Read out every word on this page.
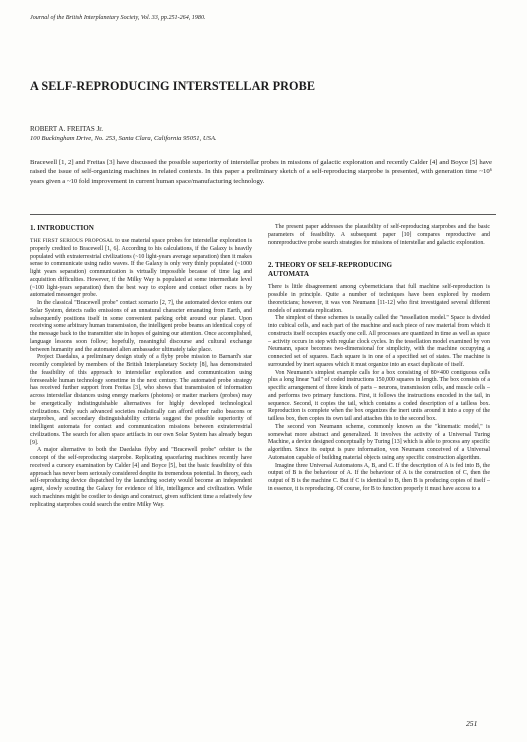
Journal of the British Interplanetary Society, Vol. 33, pp.251-264, 1980.
A SELF-REPRODUCING INTERSTELLAR PROBE
ROBERT A. FREITAS Jr.
100 Buckingham Drive, No. 253, Santa Clara, California 95051, USA.
Bracewell [1, 2] and Freitas [3] have discussed the possible superiority of interstellar probes in missions of galactic exploration and recently Calder [4] and Boyce [5] have raised the issue of self-organizing machines in related contexts. In this paper a preliminary sketch of a self-reproducing starprobe is presented, with generation time ~10⁶ years given a ~10 fold improvement in current human space/manufacturing technology.
1. INTRODUCTION

THE FIRST SERIOUS PROPOSAL to use material space probes for interstellar exploration is properly credited to Bracewell [1, 6]. According to his calculations, if the Galaxy is heavily populated with extraterrestrial civilizations (~10 light-years average separation) then it makes sense to communicate using radio waves. If the Galaxy is only very thinly populated (~1000 light years separation) communication is virtually impossible because of time lag and acquisition difficulties. However, if the Milky Way is populated at some intermediate level (~100 light-years separation) then the best way to explore and contact other races is by automated messenger probe.

In the classical "Bracewell probe" contact scenario [2, 7], the automated device enters our Solar System, detects radio emissions of an unnatural character emanating from Earth, and subsequently positions itself in some convenient parking orbit around our planet. Upon receiving some arbitrary human transmission, the intelligent probe beams an identical copy of the message back to the transmitter site in hopes of gaining our attention. Once accomplished, language lessons soon follow; hopefully, meaningful discourse and cultural exchange between humanity and the automated alien ambassador ultimately take place.

Project Daedalus, a preliminary design study of a flyby probe mission to Barnard's star recently completed by members of the British Interplanetary Society [8], has demonstrated the feasibility of this approach to interstellar exploration and communication using foreseeable human technology sometime in the next century. The automated probe strategy has received further support from Freitas [3], who shows that transmission of information across interstellar distances using energy markers (photons) or matter markers (probes) may be energetically indistinguishable alternatives for highly developed technological civilizations. Only such advanced societies realistically can afford either radio beacons or starprobes, and secondary distinguishability criteria suggest the possible superiority of intelligent automata for contact and communication missions between extraterrestrial civilizations. The search for alien space artifacts in our own Solar System has already begun [9].

A major alternative to both the Daedalus flyby and "Bracewell probe" orbiter is the concept of the self-reproducing starprobe. Replicating spacefaring machines recently have received a cursory examination by Calder [4] and Boyce [5], but the basic feasibility of this approach has never been seriously considered despite its tremendous potential. In theory, each self-reproducing device dispatched by the launching society would become an independent agent, slowly scouting the Galaxy for evidence of life, intelligence and civilization. While such machines might be costlier to design and construct, given sufficient time a relatively few replicating starprobes could search the entire Milky Way.

The present paper addresses the plausibility of self-reproducing starprobes and the basic parameters of feasibility. A subsequent paper [10] compares reproductive and nonreproductive probe search strategies for missions of interstellar and galactic exploration.

2. THEORY OF SELF-REPRODUCING
AUTOMATA

There is little disagreement among cyberneticians that full machine self-reproduction is possible in principle. Quite a number of techniques have been explored by modern theoreticians; however, it was von Neumann [11-12] who first investigated several different models of automata replication.

The simplest of these schemes is usually called the "tessellation model." Space is divided into cubical cells, and each part of the machine and each piece of raw material from which it constructs itself occupies exactly one cell. All processes are quantized in time as well as space – activity occurs in step with regular clock cycles. In the tessellation model examined by von Neumann, space becomes two-dimensional for simplicity, with the machine occupying a connected set of squares. Each square is in one of a specified set of states. The machine is surrounded by inert squares which it must organize into an exact duplicate of itself.

Von Neumann's simplest example calls for a box consisting of 80×400 contiguous cells plus a long linear "tail" of coded instructions 150,000 squares in length. The box consists of a specific arrangement of three kinds of parts – neurons, transmission cells, and muscle cells – and performs two primary functions. First, it follows the instructions encoded in the tail, in sequence. Second, it copies the tail, which contains a coded description of a tailless box. Reproduction is complete when the box organizes the inert units around it into a copy of the tailless box, then copies its own tail and attaches this to the second box.

The second von Neumann scheme, commonly known as the "kinematic model," is somewhat more abstract and generalized. It involves the activity of a Universal Turing Machine, a device designed conceptually by Turing [13] which is able to process any specific algorithm. Since its output is pure information, von Neumann conceived of a Universal Automaton capable of building material objects using any specific construction algorithm.

Imagine three Universal Automatons A, B, and C. If the description of A is fed into B, the output of B is the behaviour of A. If the behaviour of A is the construction of C, then the output of B is the machine C. But if C is identical to B, then B is producing copies of itself – in essence, it is reproducing. Of course, for B to function properly it must have access to a

251
